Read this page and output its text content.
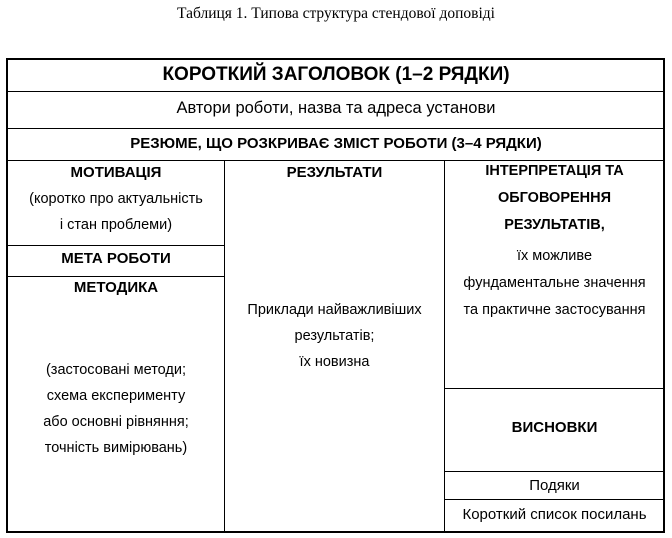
Таблиця 1. Типова структура стендової доповіді
КОРОТКИЙ ЗАГОЛОВОК (1–2 РЯДКИ)
Автори роботи, назва та адреса установи
РЕЗЮМЕ, ЩО РОЗКРИВАЄ ЗМІСТ РОБОТИ (3–4 РЯДКИ)
МОТИВАЦІЯ
(коротко про актуальність
і стан проблеми)
МЕТА РОБОТИ
МЕТОДИКА
(застосовані методи;
схема експерименту
або основні рівняння;
точність вимірювань)
РЕЗУЛЬТАТИ
Приклади найважливіших
результатів;
їх новизна
ІНТЕРПРЕТАЦІЯ ТА
ОБГОВОРЕННЯ
РЕЗУЛЬТАТІВ,
їх можливе
фундаментальне значення
та практичне застосування
ВИСНОВКИ
Подяки
Короткий список посилань
